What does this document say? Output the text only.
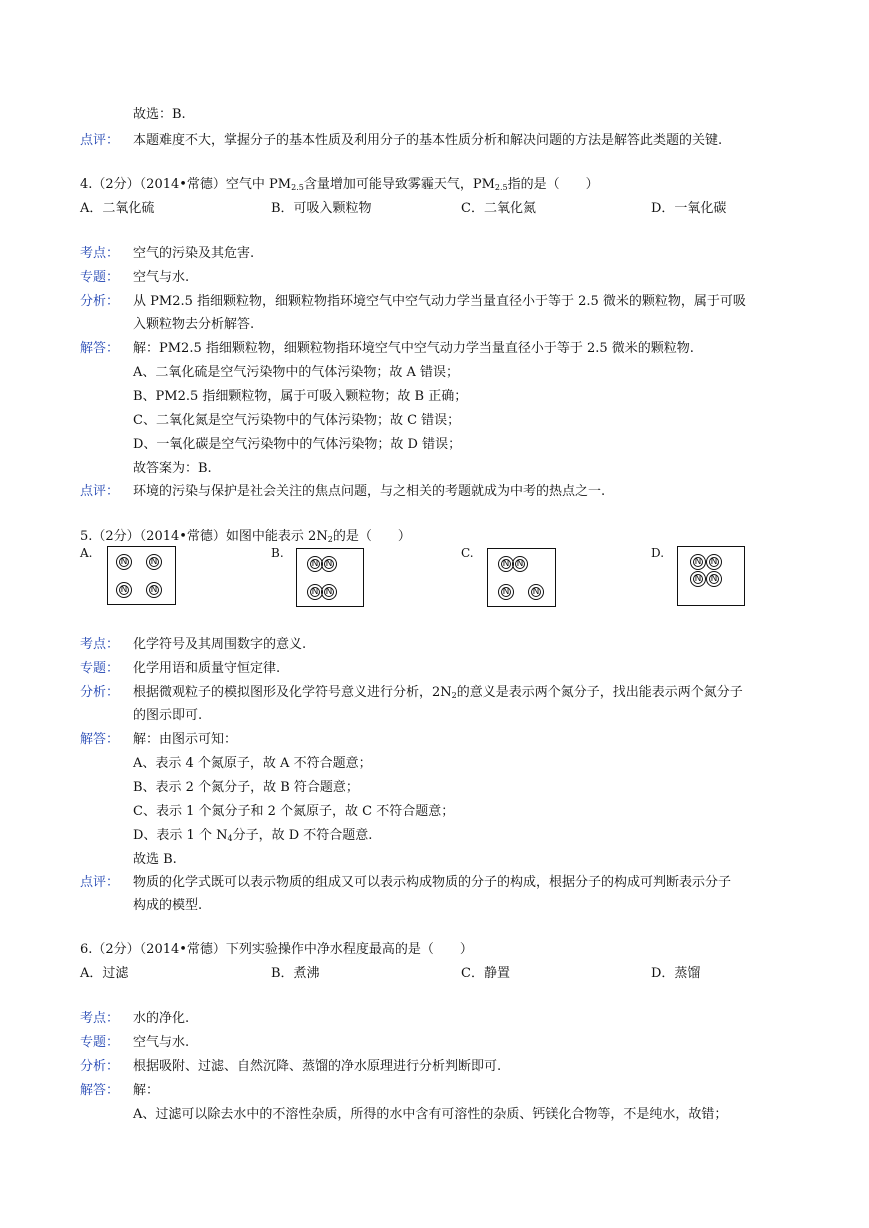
故选：B.
点评： 本题难度不大，掌握分子的基本性质及利用分子的基本性质分析和解决问题的方法是解答此类题的关键.
4.（2分）（2014•常德）空气中 $PM_{2.5}$含量增加可能导致雾霾天气，$PM_{2.5}$指的是（　　）
A．二氧化硫	B．可吸入颗粒物	C．二氧化氮	D．一氧化碳
考点： 空气的污染及其危害.
专题： 空气与水.
分析： 从 PM2.5 指细颗粒物，细颗粒物指环境空气中空气动力学当量直径小于等于 2.5 微米的颗粒物，属于可吸
入颗粒物去分析解答.
解答： 解：PM2.5 指细颗粒物，细颗粒物指环境空气中空气动力学当量直径小于等于 2.5 微米的颗粒物.
A、二氧化硫是空气污染物中的气体污染物；故 A 错误；
B、PM2.5 指细颗粒物，属于可吸入颗粒物；故 B 正确；
C、二氧化氮是空气污染物中的气体污染物；故 C 错误；
D、一氧化碳是空气污染物中的气体污染物；故 D 错误；
故答案为：B.
点评： 环境的污染与保护是社会关注的焦点问题，与之相关的考题就成为中考的热点之一.
5.（2分）（2014•常德）如图中能表示 $2N_2$的是（　　）
A.
N	N
N	N
B.
N N
N N
C.
N N
N	N
D.
N	N
N	N
考点： 化学符号及其周围数字的意义.
专题： 化学用语和质量守恒定律.
分析： 根据微观粒子的模拟图形及化学符号意义进行分析，$2N_2$的意义是表示两个氮分子，找出能表示两个氮分子
的图示即可.
解答： 解：由图示可知：
A、表示 4 个氮原子，故 A 不符合题意；
B、表示 2 个氮分子，故 B 符合题意；
C、表示 1 个氮分子和 2 个氮原子，故 C 不符合题意；
D、表示 1 个 $N_4$分子，故 D 不符合题意.
故选 B.
点评： 物质的化学式既可以表示物质的组成又可以表示构成物质的分子的构成，根据分子的构成可判断表示分子
构成的模型.
6.（2分）（2014•常德）下列实验操作中净水程度最高的是（　　）
A．过滤	B．煮沸	C．静置	D．蒸馏
考点： 水的净化.
专题： 空气与水.
分析： 根据吸附、过滤、自然沉降、蒸馏的净水原理进行分析判断即可.
解答： 解：
A、过滤可以除去水中的不溶性杂质，所得的水中含有可溶性的杂质、钙镁化合物等，不是纯水，故错；
